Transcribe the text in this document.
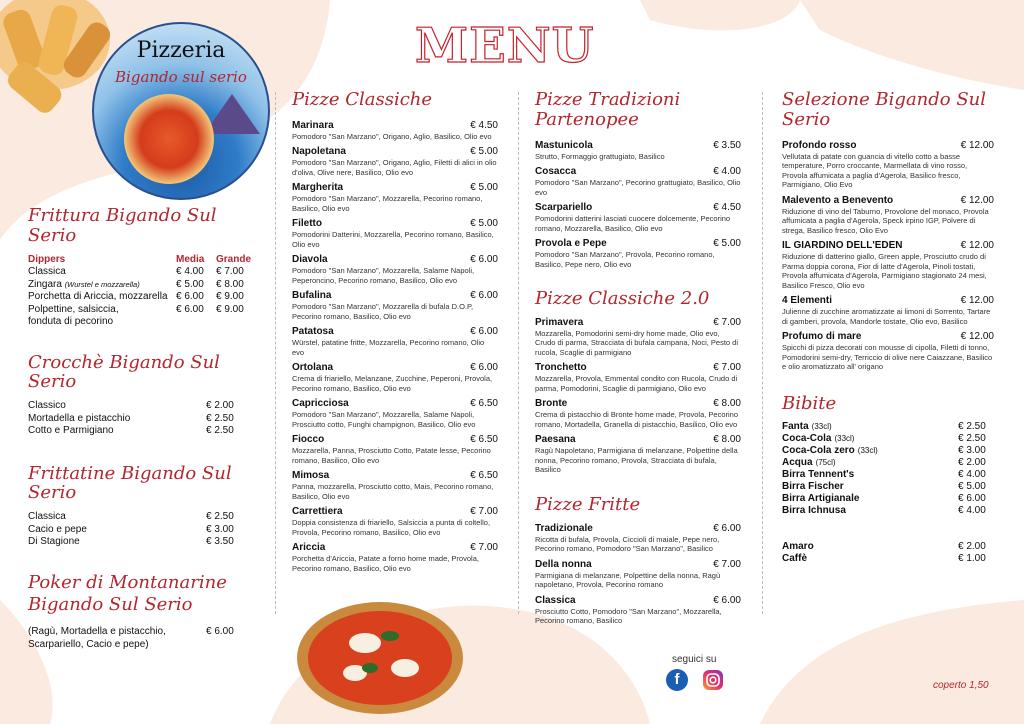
Pizzeria
Bigando sul serio
MENU
Frittura Bigando Sul Serio
Dippers	Media	Grande
Classica	€ 4.00	€ 7.00
Zingara (Wurstel e mozzarella)	€ 5.00	€ 8.00
Porchetta di Ariccia, mozzarella € 6.00	€ 9.00
Polpettine, salsiccia,	€ 6.00	€ 9.00
fonduta di pecorino
Crocchè Bigando Sul Serio
Classico	€ 2.00
Mortadella e pistacchio	€ 2.50
Cotto e Parmigiano	€ 2.50
Frittatine Bigando Sul Serio
Classica	€ 2.50
Cacio e pepe	€ 3.00
Di Stagione	€ 3.50
Poker di Montanarine
Bigando Sul Serio
(Ragù, Mortadella e pistacchio,	€ 6.00
Scarpariello, Cacio e pepe)
Pizze Classiche
Marinara	€ 4.50
Pomodoro "San Marzano", Origano, Aglio, Basilico, Olio evo
Napoletana	€ 5.00
Pomodoro "San Marzano", Origano, Aglio, Filetti di alici in olio d'oliva, Olive nere, Basilico, Olio evo
Margherita	€ 5.00
Pomodoro "San Marzano", Mozzarella, Pecorino romano, Basilico, Olio evo
Filetto	€ 5.00
Pomodorini Datterini, Mozzarella, Pecorino romano, Basilico, Olio evo
Diavola	€ 6.00
Pomodoro "San Marzano", Mozzarella, Salame Napoli, Peperoncino, Pecorino romano, Basilico, Olio evo
Bufalina	€ 6.00
Pomodoro "San Marzano", Mozzarella di bufala D.O.P, Pecorino romano, Basilico, Olio evo
Patatosa	€ 6.00
Würstel, patatine fritte, Mozzarella, Pecorino romano, Olio evo
Ortolana	€ 6.00
Crema di friariello, Melanzane, Zucchine, Peperoni, Provola, Pecorino romano, Basilico, Olio evo
Capricciosa	€ 6.50
Pomodoro "San Marzano", Mozzarella, Salame Napoli, Prosciutto cotto, Funghi champignon, Basilico, Olio evo
Fiocco	€ 6.50
Mozzarella, Panna, Prosciutto Cotto, Patate lesse, Pecorino romano, Basilico, Olio evo
Mimosa	€ 6.50
Panna, mozzarella, Prosciutto cotto, Mais, Pecorino romano, Basilico, Olio evo
Carrettiera	€ 7.00
Doppia consistenza di friariello, Salsiccia a punta di coltello, Provola, Pecorino romano, Basilico, Olio evo
Ariccia	€ 7.00
Porchetta d'Ariccia, Patate a forno home made, Provola, Pecorino romano, Basilico, Olio evo
Pizze Tradizioni Partenopee
Mastunicola	€ 3.50
Strutto, Formaggio grattugiato, Basilico
Cosacca	€ 4.00
Pomodoro "San Marzano", Pecorino grattugiato, Basilico, Olio evo
Scarpariello	€ 4.50
Pomodorini datterini lasciati cuocere dolcemente, Pecorino romano, Mozzarella, Basilico, Olio evo
Provola e Pepe	€ 5.00
Pomodoro "San Marzano", Provola, Pecorino romano, Basilico, Pepe nero, Olio evo
Pizze Classiche 2.0
Primavera	€ 7.00
Mozzarella, Pomodorini semi-dry home made, Olio evo, Crudo di parma, Stracciata di bufala campana, Noci, Pesto di rucola, Scaglie di parmigiano
Tronchetto	€ 7.00
Mozzarella, Provola, Emmental condito con Rucola, Crudo di parma, Pomodorini, Scaglie di parmigiano, Olio evo
Bronte	€ 8.00
Crema di pistacchio di Bronte home made, Provola, Pecorino romano, Mortadella, Granella di pistacchio, Basilico, Olio evo
Paesana	€ 8.00
Ragù Napoletano, Parmigiana di melanzane, Polpettine della nonna, Pecorino romano, Provola, Stracciata di bufala, Basilico
Pizze Fritte
Tradizionale	€ 6.00
Ricotta di bufala, Provola, Ciccioli di maiale, Pepe nero, Pecorino romano, Pomodoro "San Marzano", Basilico
Della nonna	€ 7.00
Parmigiana di melanzane, Polpettine della nonna, Ragù napoletano, Provola, Pecorino romano
Classica	€ 6.00
Prosciutto Cotto, Pomodoro "San Marzano", Mozzarella, Pecorino romano, Basilico
Selezione Bigando Sul Serio
Profondo rosso	€ 12.00
Vellutata di patate con guancia di vitello cotto a basse temperature, Porro croccante, Marmellata di vino rosso, Provola affumicata a paglia d'Agerola, Basilico fresco, Parmigiano, Olio Evo
Malevento a Benevento	€ 12.00
Riduzione di vino del Taburno, Provolone del monaco, Provola affumicata a paglia d'Agerola, Speck irpino IGP, Polvere di strega, Basilico fresco, Olio Evo
IL GIARDINO DELL'EDEN	€ 12.00
Riduzione di datterino giallo, Green apple, Prosciutto crudo di Parma doppia corona, Fior di latte d'Agerola, Pinoli tostati, Provola affumicata d'Agerola, Parmigiano stagionato 24 mesi, Basilico Fresco, Olio evo
4 Elementi	€ 12.00
Julienne di zucchine aromatizzate ai limoni di Sorrento, Tartare di gamberi, provola, Mandorle tostate, Olio evo, Basilico
Profumo di mare	€ 12.00
Spicchi di pizza decorati con mousse di cipolla, Filetti di tonno, Pomodorini semi-dry, Terriccio di olive nere Caiazzane, Basilico e olio aromatizzato all' origano
Bibite
Fanta (33cl)	€ 2.50
Coca-Cola (33cl)	€ 2.50
Coca-Cola zero (33cl)	€ 3.00
Acqua (75cl)	€ 2.00
Birra Tennent's	€ 4.00
Birra Fischer	€ 5.00
Birra Artigianale	€ 6.00
Birra Ichnusa	€ 4.00
Amaro	€ 2.00
Caffè	€ 1.00
seguici su
f	coperto 1,50
